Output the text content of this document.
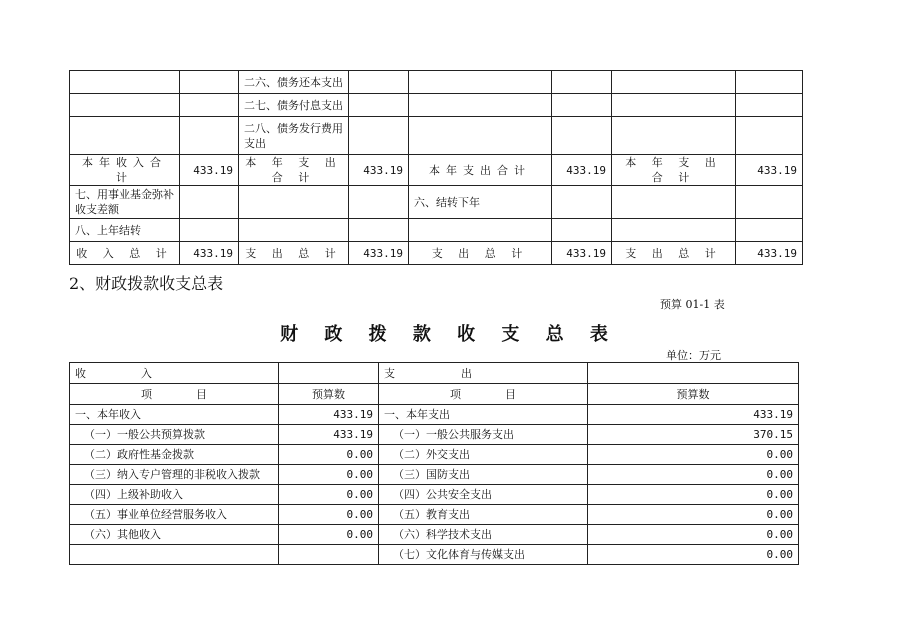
		二六、债务还本支出					
		二七、债务付息支出					
		二八、债务发行费用支出					
本年收入合计	433.19	本 年 支 出 合 计	433.19	本年支出合计	433.19	本 年 支 出 合 计	433.19
七、用事业基金弥补收支差额				六、结转下年			
八、上年结转							
收 入 总 计	433.19	支 出 总 计	433.19	支 出 总 计	433.19	支 出 总 计	433.19
2、财政拨款收支总表
预算 01-1 表
财 政 拨 款 收 支 总 表
单位：万元
收　　　　　入		支　　　　　　出	
项　　　　目	预算数	项　　　　目	预算数
一、本年收入	433.19	一、本年支出	433.19
（一）一般公共预算拨款	433.19	（一）一般公共服务支出	370.15
（二）政府性基金拨款	0.00	（二）外交支出	0.00
（三）纳入专户管理的非税收入拨款	0.00	（三）国防支出	0.00
（四）上级补助收入	0.00	（四）公共安全支出	0.00
（五）事业单位经营服务收入	0.00	（五）教育支出	0.00
（六）其他收入	0.00	（六）科学技术支出	0.00
		（七）文化体育与传媒支出	0.00
